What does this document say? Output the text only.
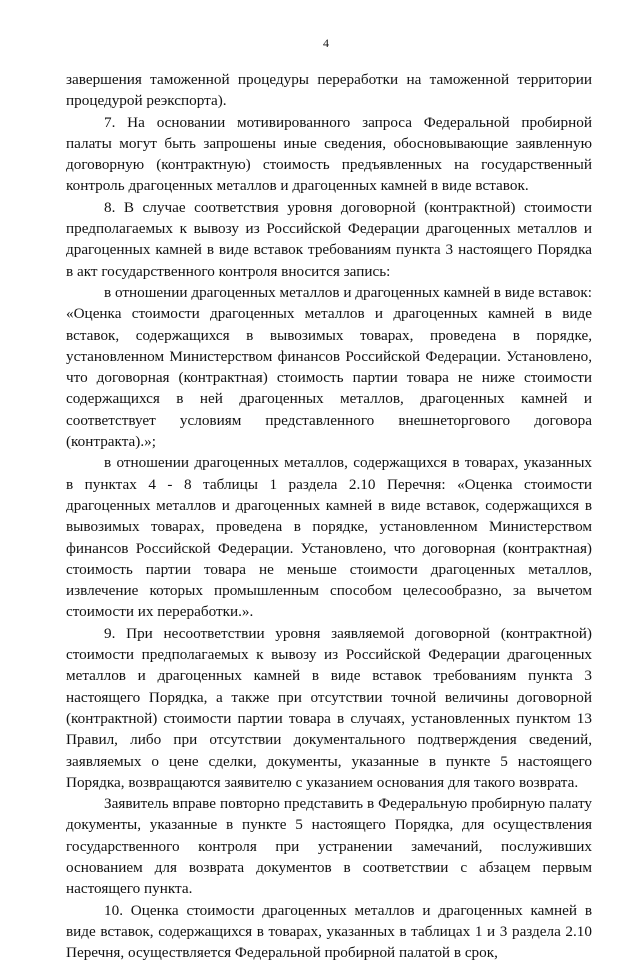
4

завершения таможенной процедуры переработки на таможенной территории процедурой реэкспорта).

7. На основании мотивированного запроса Федеральной пробирной палаты могут быть запрошены иные сведения, обосновывающие заявленную договорную (контрактную) стоимость предъявленных на государственный контроль драгоценных металлов и драгоценных камней в виде вставок.

8. В случае соответствия уровня договорной (контрактной) стоимости предполагаемых к вывозу из Российской Федерации драгоценных металлов и драгоценных камней в виде вставок требованиям пункта 3 настоящего Порядка в акт государственного контроля вносится запись:

в отношении драгоценных металлов и драгоценных камней в виде вставок:

«Оценка стоимости драгоценных металлов и драгоценных камней в виде вставок, содержащихся в вывозимых товарах, проведена в порядке, установленном Министерством финансов Российской Федерации. Установлено, что договорная (контрактная) стоимость партии товара не ниже стоимости содержащихся в ней драгоценных металлов, драгоценных камней и соответствует условиям представленного внешнеторгового договора (контракта).»;

в отношении драгоценных металлов, содержащихся в товарах, указанных в пунктах 4 - 8 таблицы 1 раздела 2.10 Перечня: «Оценка стоимости драгоценных металлов и драгоценных камней в виде вставок, содержащихся в вывозимых товарах, проведена в порядке, установленном Министерством финансов Российской Федерации. Установлено, что договорная (контрактная) стоимость партии товара не меньше стоимости драгоценных металлов, извлечение которых промышленным способом целесообразно, за вычетом стоимости их переработки.».

9. При несоответствии уровня заявляемой договорной (контрактной) стоимости предполагаемых к вывозу из Российской Федерации драгоценных металлов и драгоценных камней в виде вставок требованиям пункта 3 настоящего Порядка, а также при отсутствии точной величины договорной (контрактной) стоимости партии товара в случаях, установленных пунктом 13 Правил, либо при отсутствии документального подтверждения сведений, заявляемых о цене сделки, документы, указанные в пункте 5 настоящего Порядка, возвращаются заявителю с указанием основания для такого возврата.

Заявитель вправе повторно представить в Федеральную пробирную палату документы, указанные в пункте 5 настоящего Порядка, для осуществления государственного контроля при устранении замечаний, послуживших основанием для возврата документов в соответствии с абзацем первым настоящего пункта.

10. Оценка стоимости драгоценных металлов и драгоценных камней в виде вставок, содержащихся в товарах, указанных в таблицах 1 и 3 раздела 2.10 Перечня, осуществляется Федеральной пробирной палатой в срок,
